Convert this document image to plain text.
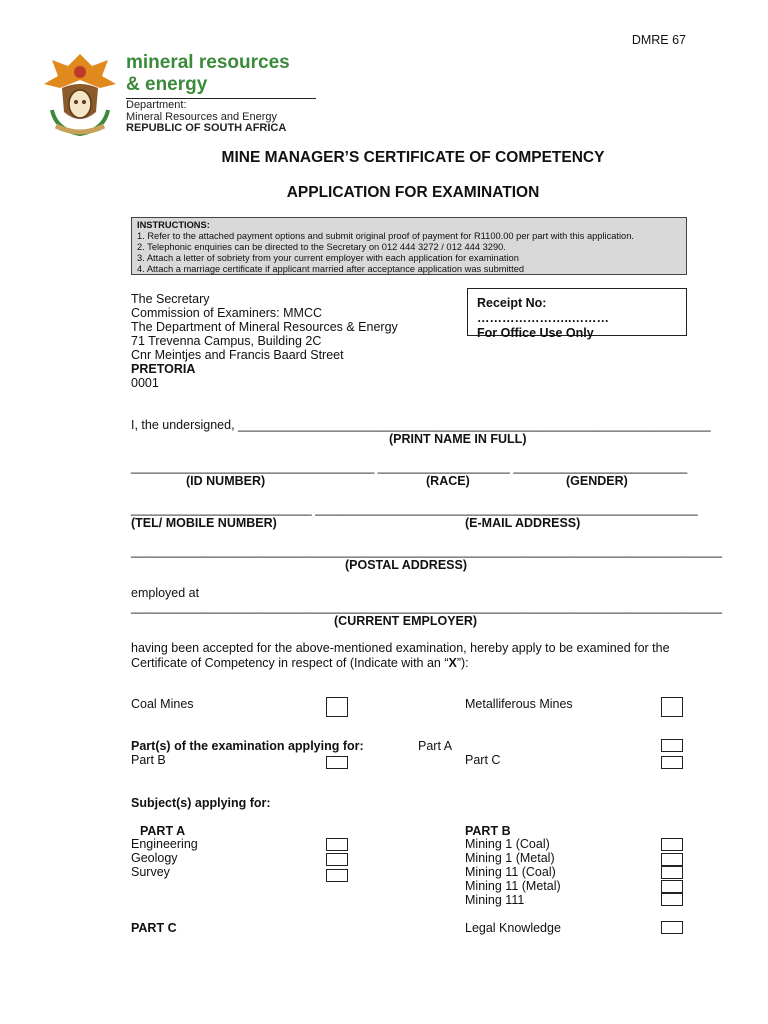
DMRE 67
mineral resources
& energy
Department:
Mineral Resources and Energy
REPUBLIC OF SOUTH AFRICA
MINE MANAGER’S CERTIFICATE OF COMPETENCY
APPLICATION FOR EXAMINATION
INSTRUCTIONS:
1. Refer to the attached payment options and submit original proof of payment for R1100.00 per part with this application.
2. Telephonic enquiries can be directed to the Secretary on 012 444 3272 / 012 444 3290.
3. Attach a letter of sobriety from your current employer with each application for examination
4. Attach a marriage certificate if applicant married after acceptance application was submitted
The Secretary
Commission of Examiners: MMCC
The Department of Mineral Resources & Energy
71 Trevenna Campus, Building 2C
Cnr Meintjes and Francis Baard Street
PRETORIA
0001
Receipt No: …………………..………
For Office Use Only
I, the undersigned, ____________________________________________________________________
(PRINT NAME IN FULL)
___________________________________ ___________________ _________________________
(ID NUMBER)	(RACE)	(GENDER)
__________________________ _______________________________________________________
(TEL/ MOBILE NUMBER)	(E-MAIL ADDRESS)
_____________________________________________________________________________________
(POSTAL ADDRESS)
employed at
_____________________________________________________________________________________
(CURRENT EMPLOYER)
having been accepted for the above-mentioned examination, hereby apply to be examined for the
Certificate of Competency in respect of (Indicate with an “X”):
Coal Mines	Metalliferous Mines
Part(s) of the examination applying for:	Part A
Part B	Part C
Subject(s) applying for:
PART A
Engineering
Geology
Survey
PART B
Mining 1 (Coal)
Mining 1 (Metal)
Mining 11 (Coal)
Mining 11 (Metal)
Mining 111
PART C	Legal Knowledge
